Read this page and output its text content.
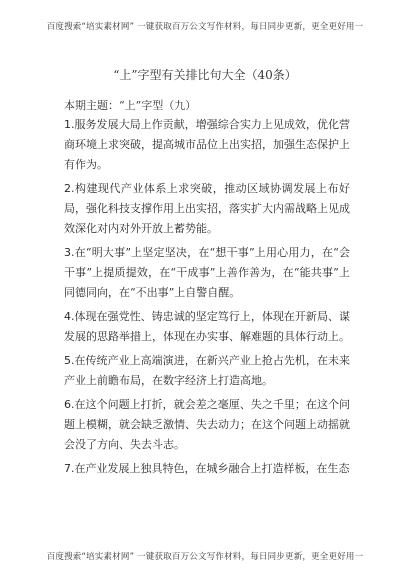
百度搜索“培实素材网” 一键获取百万公文写作材料，每日同步更新，更全更好用一
“上”字型有关排比句大全（40条）
本期主题：“上”字型（九）
1.服务发展大局上作贡献，增强综合实力上见成效，优化营商环境上求突破，提高城市品位上出实招，加强生态保护上有作为。
2.构建现代产业体系上求突破，推动区域协调发展上布好局，强化科技支撑作用上出实招，落实扩大内需战略上见成效深化对内对外开放上蓄势能。
3.在“明大事”上坚定坚决，在“想干事”上用心用力，在“会干事”上提质提效，在“干成事”上善作善为，在“能共事”上同德同向，在“不出事”上自警自醒。
4.体现在强党性、铸忠诚的坚定笃行上，体现在开新局、谋发展的思路举措上，体现在办实事、解难题的具体行动上。
5.在传统产业上高端演进，在新兴产业上抢占先机，在未来产业上前瞻布局，在数字经济上打造高地。
6.在这个问题上打折，就会差之毫厘、失之千里；在这个问题上模糊，就会缺乏激情、失去动力；在这个问题上动摇就会没了方向、失去斗志。
7.在产业发展上独具特色，在城乡融合上打造样板，在生态
百度搜索“培实素材网” 一键获取百万公文写作材料，每日同步更新，更全更好用一
